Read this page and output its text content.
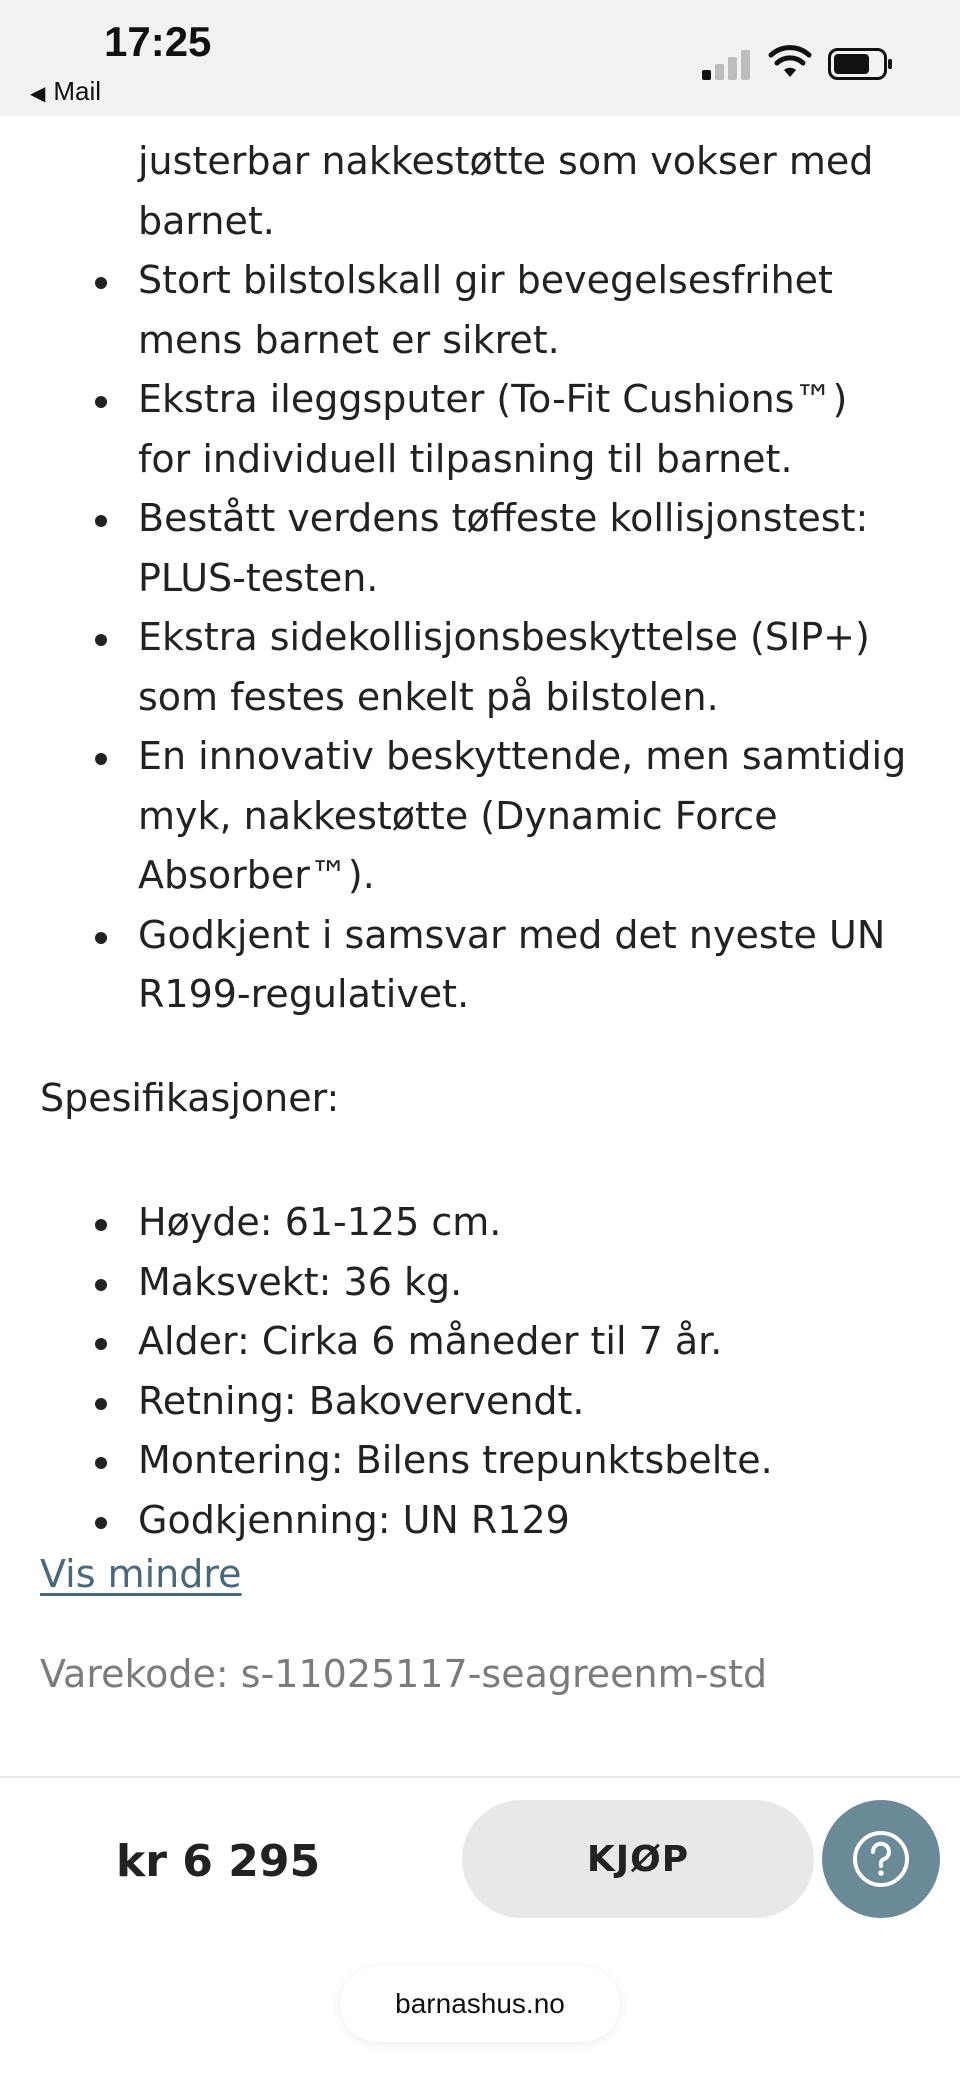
17:25
◀ Mail
justerbar nakkestøtte som vokser med
barnet.
Stort bilstolskall gir bevegelsesfrihet
mens barnet er sikret.
Ekstra ileggsputer (To-Fit Cushions™)
for individuell tilpasning til barnet.
Bestått verdens tøffeste kollisjonstest:
PLUS-testen.
Ekstra sidekollisjonsbeskyttelse (SIP+)
som festes enkelt på bilstolen.
En innovativ beskyttende, men samtidig
myk, nakkestøtte (Dynamic Force
Absorber™).
Godkjent i samsvar med det nyeste UN
R199-regulativet.
Spesifikasjoner:
Høyde: 61-125 cm.
Maksvekt: 36 kg.
Alder: Cirka 6 måneder til 7 år.
Retning: Bakovervendt.
Montering: Bilens trepunktsbelte.
Godkjenning: UN R129
Vis mindre
Varekode: s-11025117-seagreenm-std
kr 6 295	KJØP
barnashus.no
